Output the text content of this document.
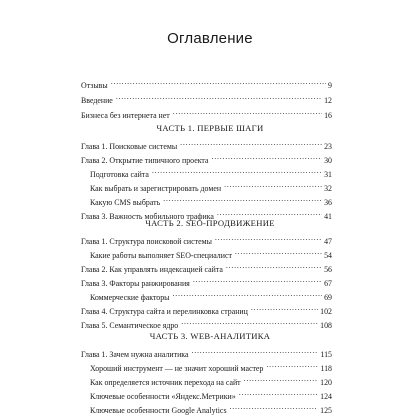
Оглавление
Отзывы . . .	9
Введение . . .	12
Бизнеса без интернета нет . . .	16
ЧАСТЬ 1. ПЕРВЫЕ ШАГИ
Глава 1. Поисковые системы . . .	23
Глава 2. Открытие типичного проекта . . .	30
Подготовка сайта . . .	31
Как выбрать и зарегистрировать домен . . .	32
Какую CMS выбрать . . .	36
Глава 3. Важность мобильного трафика . . .	41
ЧАСТЬ 2. SEO-ПРОДВИЖЕНИЕ
Глава 1. Структура поисковой системы . . .	47
Какие работы выполняет SEO-специалист . . .	54
Глава 2. Как управлять индексацией сайта . . .	56
Глава 3. Факторы ранжирования . . .	67
Коммерческие факторы . . .	69
Глава 4. Структура сайта и перелинковка страниц . . .	102
Глава 5. Семантическое ядро . . .	108
ЧАСТЬ 3. WEB-АНАЛИТИКА
Глава 1. Зачем нужна аналитика . . .	115
Хороший инструмент — не значит хороший мастер . . .	118
Как определяется источник перехода на сайт . . .	120
Ключевые особенности «Яндекс.Метрики» . . .	124
Ключевые особенности Google Analytics . . .	125
